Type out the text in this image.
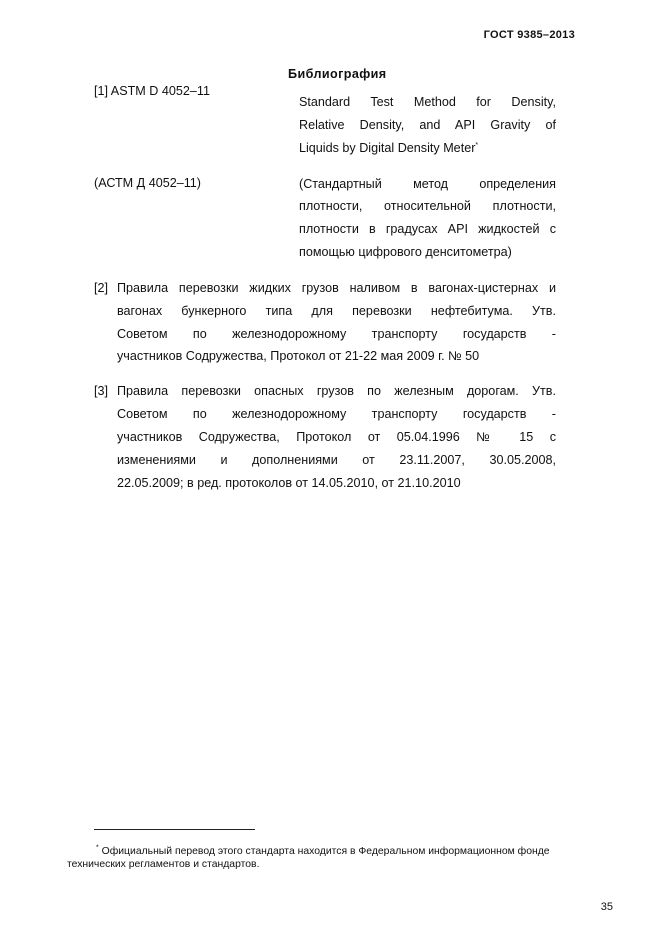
ГОСТ 9385–2013
Библиография
[1] ASTM D 4052–11
Standard Test Method for Density,
Relative Density, and API Gravity of
Liquids by Digital Density Meter*
(АСТМ Д 4052–11)	(Стандартный метод определения
плотности, относительной плотности,
плотности в градусах API жидкостей с
помощью цифрового денситометра)
[2] Правила перевозки жидких грузов наливом в вагонах-цистернах и
вагонах бункерного типа для перевозки нефтебитума. Утв.
Советом по железнодорожному транспорту государств -
участников Содружества, Протокол от 21-22 мая 2009 г. № 50
[3] Правила перевозки опасных грузов по железным дорогам. Утв.
Советом по железнодорожному транспорту государств -
участников Содружества, Протокол от 05.04.1996 № 15 с
изменениями и дополнениями от 23.11.2007, 30.05.2008,
22.05.2009; в ред. протоколов от 14.05.2010, от 21.10.2010
* Официальный перевод этого стандарта находится в Федеральном информационном фонде
технических регламентов и стандартов.
35
